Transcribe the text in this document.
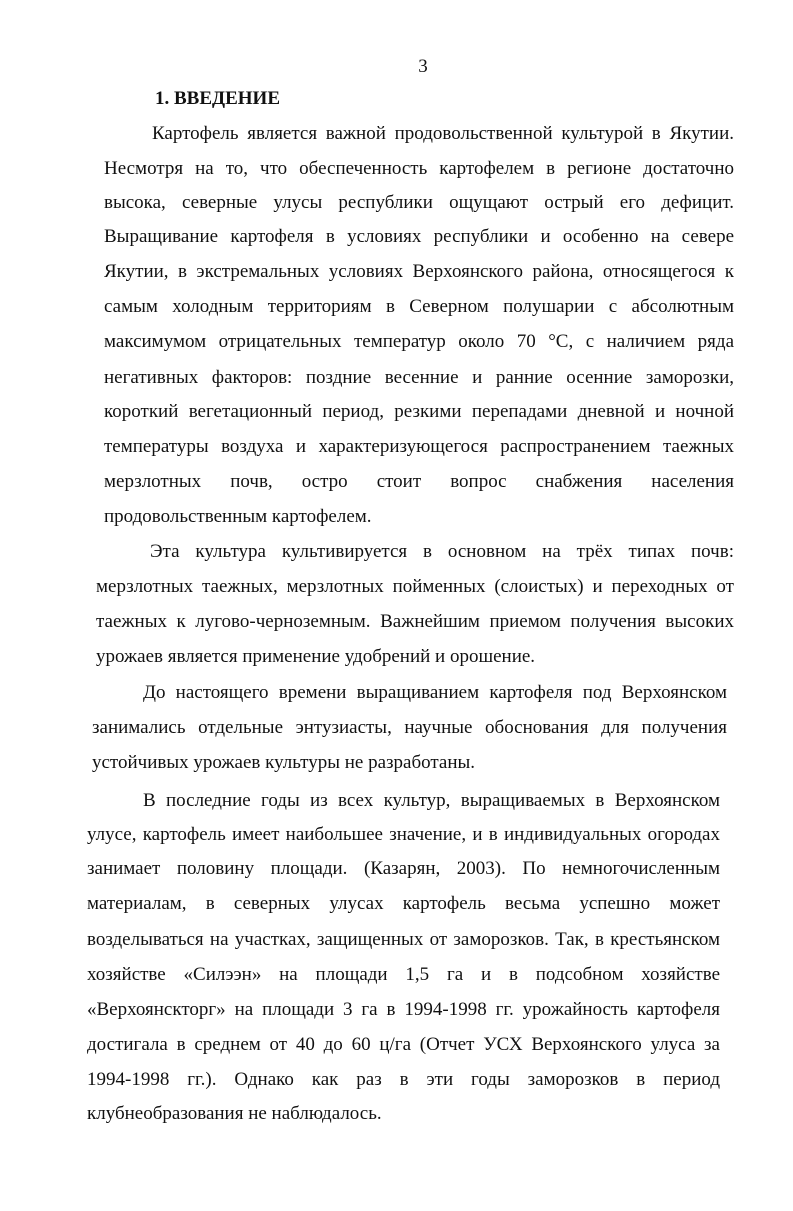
3
1. ВВЕДЕНИЕ
Картофель является важной продовольственной культурой в Якутии.
Несмотря на то, что обеспеченность картофелем в регионе достаточно
высока, северные улусы республики ощущают острый его дефицит.
Выращивание картофеля в условиях республики и особенно на севере
Якутии, в экстремальных условиях Верхоянского района, относящегося к
самым холодным территориям в Северном полушарии с абсолютным
максимумом отрицательных температур около 70 °С, с наличием ряда
негативных факторов: поздние весенние и ранние осенние заморозки,
короткий вегетационный период, резкими перепадами дневной и ночной
температуры воздуха и характеризующегося распространением таежных
мерзлотных почв, остро стоит вопрос снабжения населения
продовольственным картофелем.
Эта культура культивируется в основном на трёх типах почв:
мерзлотных таежных, мерзлотных пойменных (слоистых) и переходных от
таежных к лугово-черноземным. Важнейшим приемом получения высоких
урожаев является применение удобрений и орошение.
До настоящего времени выращиванием картофеля под Верхоянском
занимались отдельные энтузиасты, научные обоснования для получения
устойчивых урожаев культуры не разработаны.
В последние годы из всех культур, выращиваемых в Верхоянском
улусе, картофель имеет наибольшее значение, и в индивидуальных огородах
занимает половину площади. (Казарян, 2003). По немногочисленным
материалам, в северных улусах картофель весьма успешно может
возделываться на участках, защищенных от заморозков. Так, в крестьянском
хозяйстве «Силээн» на площади 1,5 га и в подсобном хозяйстве
«Верхоянскторг» на площади 3 га в 1994-1998 гг. урожайность картофеля
достигала в среднем от 40 до 60 ц/га (Отчет УСХ Верхоянского улуса за
1994-1998 гг.). Однако как раз в эти годы заморозков в период
клубнеобразования не наблюдалось.
